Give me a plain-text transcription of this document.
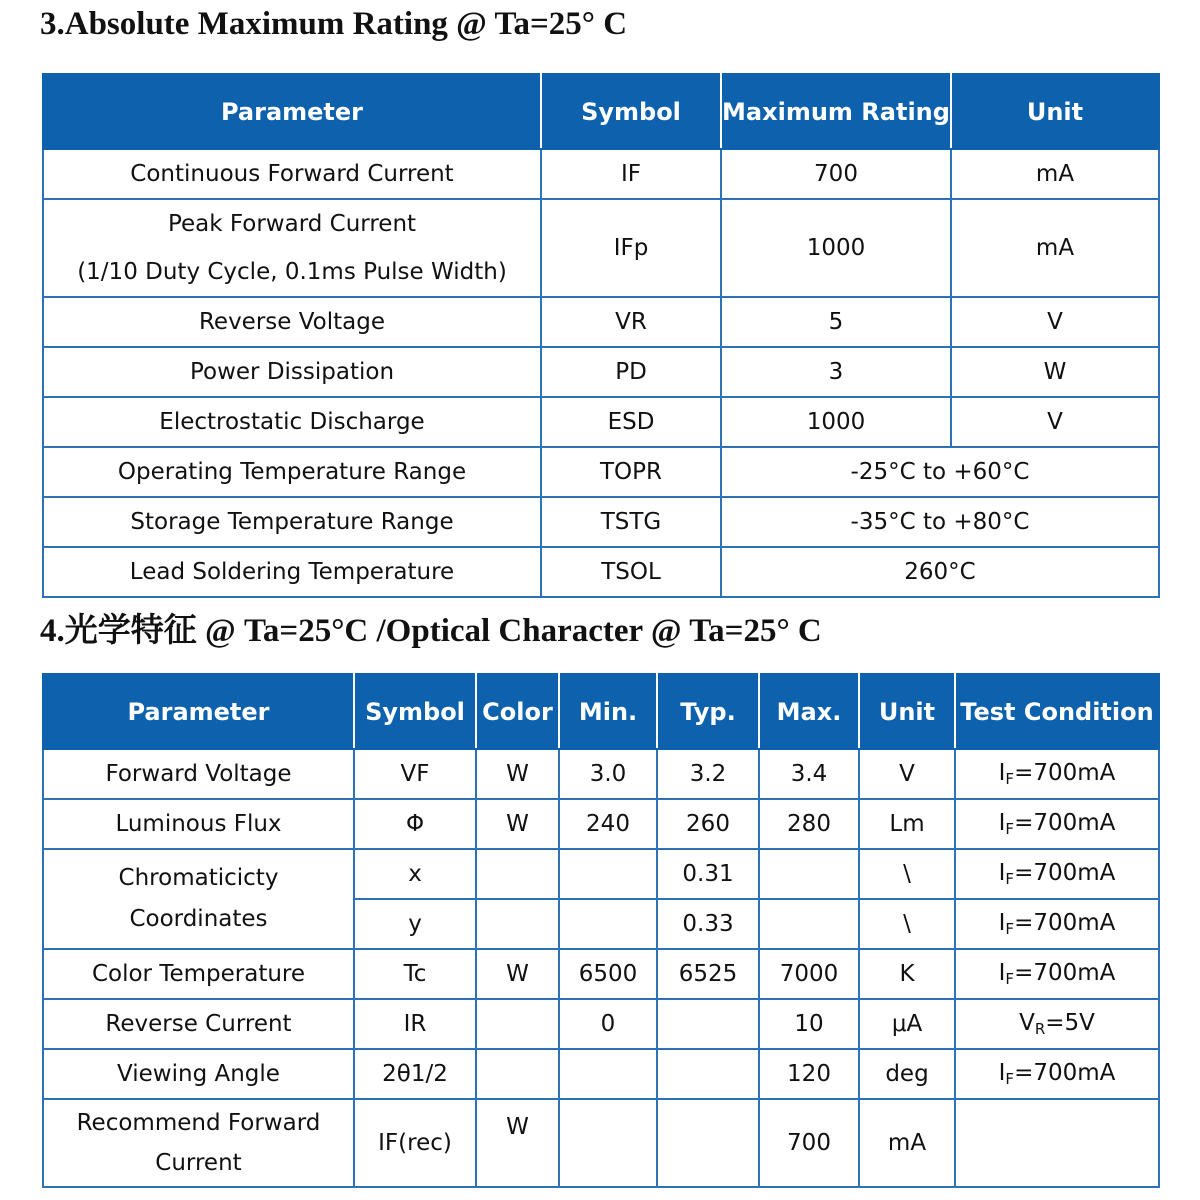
3.Absolute Maximum Rating @ Ta=25° C
Parameter	Symbol	Maximum Rating	Unit
Continuous Forward Current	IF	700	mA

Peak Forward Current
(1/10 Duty Cycle, 0.1ms Pulse Width)	IFp	1000	mA
Reverse Voltage	VR	5	V
Power Dissipation	PD	3	W
Electrostatic Discharge	ESD	1000	V
Operating Temperature Range	TOPR	-25°C to +60°C	
Storage Temperature Range	TSTG	-35°C to +80°C	
Lead Soldering Temperature	TSOL	260°C	
4.光学特征 @ Ta=25°C /Optical Character @ Ta=25° C
Parameter	Symbol	Color	Min.	Typ.	Max.	Unit	Test Condition
Forward Voltage	VF	W	3.0	3.2	3.4	V	$I_F=700mA$
Luminous Flux	Φ	W	240	260	280	Lm	$I_F=700mA$

Chromaticicty
Coordinates	x			0.31		\	$I_F=700mA$
	y			0.33		\	$I_F=700mA$
Color Temperature	Tc	W	6500	6525	7000	K	$I_F=700mA$
Reverse Current	IR		0		10	μA	$V_R=5V$
Viewing Angle	2θ1/2				120	deg	$I_F=700mA$

Recommend Forward
Current	IF(rec)	W			700	mA	
